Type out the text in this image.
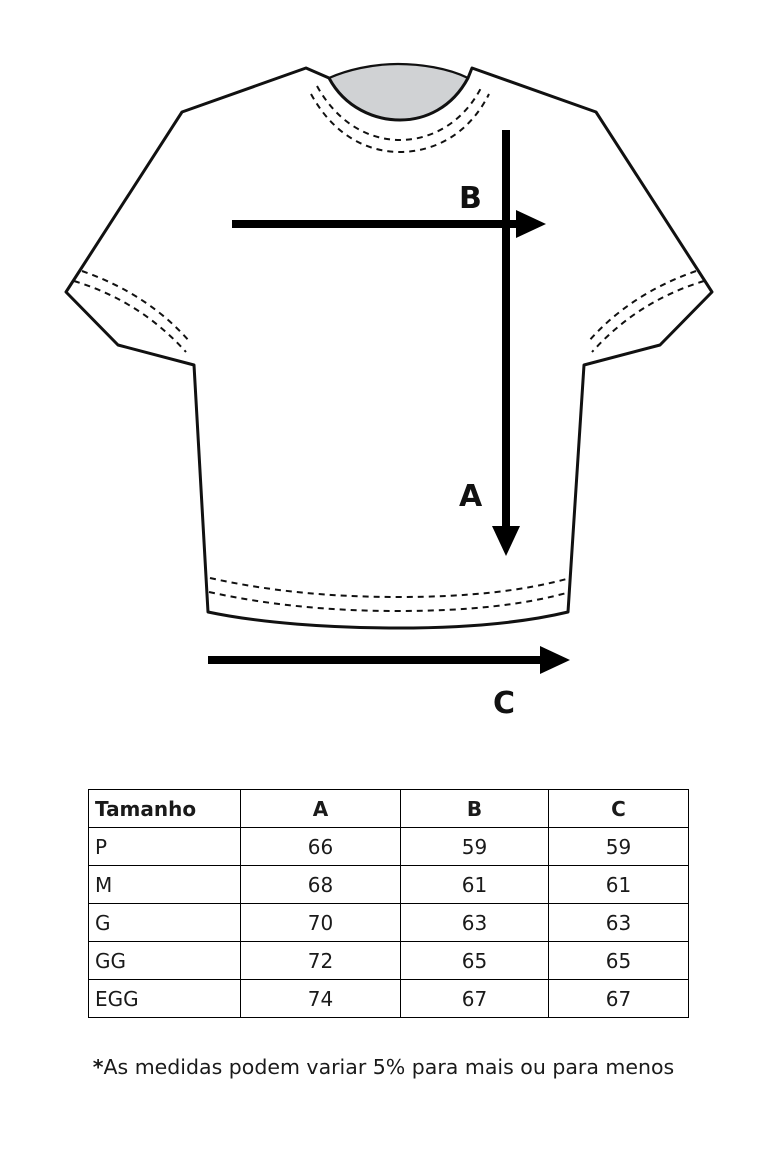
B
A
C
Tamanho	A	B	C
P	66	59	59
M	68	61	61
G	70	63	63
GG	72	65	65
EGG	74	67	67
*As medidas podem variar 5% para mais ou para menos
